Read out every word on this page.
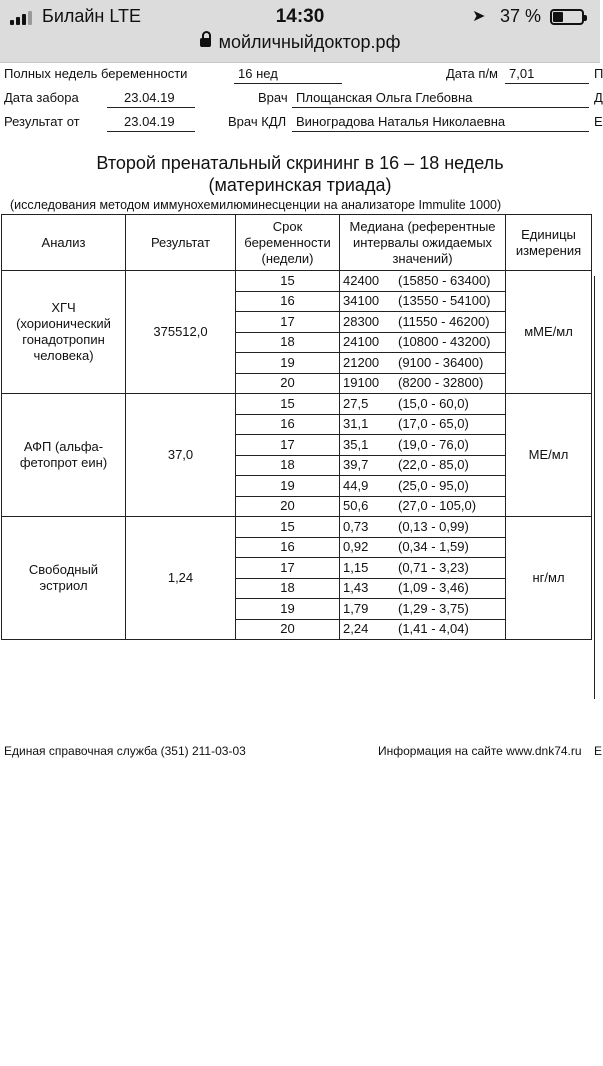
Билайн LTE	14:30	➤ 37 %
мойличныйдоктор.рф
Полных недель беременности	16 нед	Дата п/м 7,01	П
Дата забора	23.04.19	Врач Площанская Ольга Глебовна	Д
Результат от	23.04.19	Врач КДЛ Виноградова Наталья Николаевна	Е
Второй пренатальный скрининг в 16 – 18 недель
(материнская триада)
(исследования методом иммунохемилюминесценции на анализаторе Immulite 1000)
Анализ	Результат	Срок беременности (недели)	Медиана (референтные интервалы ожидаемых значений)	Единицы измерения
ХГЧ (хорионический гонадотропин человека)	375512,0	15	42400 (15850 - 63400)	мМЕ/мл
		16	34100 (13550 - 54100)	
		17	28300 (11550 - 46200)	
		18	24100 (10800 - 43200)	
		19	21200 (9100 - 36400)	
		20	19100 (8200 - 32800)	
АФП (альфа-фетопрот еин)	37,0	15	27,5 (15,0 - 60,0)	МЕ/мл
		16	31,1 (17,0 - 65,0)	
		17	35,1 (19,0 - 76,0)	
		18	39,7 (22,0 - 85,0)	
		19	44,9 (25,0 - 95,0)	
		20	50,6 (27,0 - 105,0)	
Свободный эстриол	1,24	15	0,73 (0,13 - 0,99)	нг/мл
		16	0,92 (0,34 - 1,59)	
		17	1,15 (0,71 - 3,23)	
		18	1,43 (1,09 - 3,46)	
		19	1,79 (1,29 - 3,75)	
		20	2,24 (1,41 - 4,04)	
Единая справочная служба (351) 211-03-03	Информация на сайте www.dnk74.ru Е
